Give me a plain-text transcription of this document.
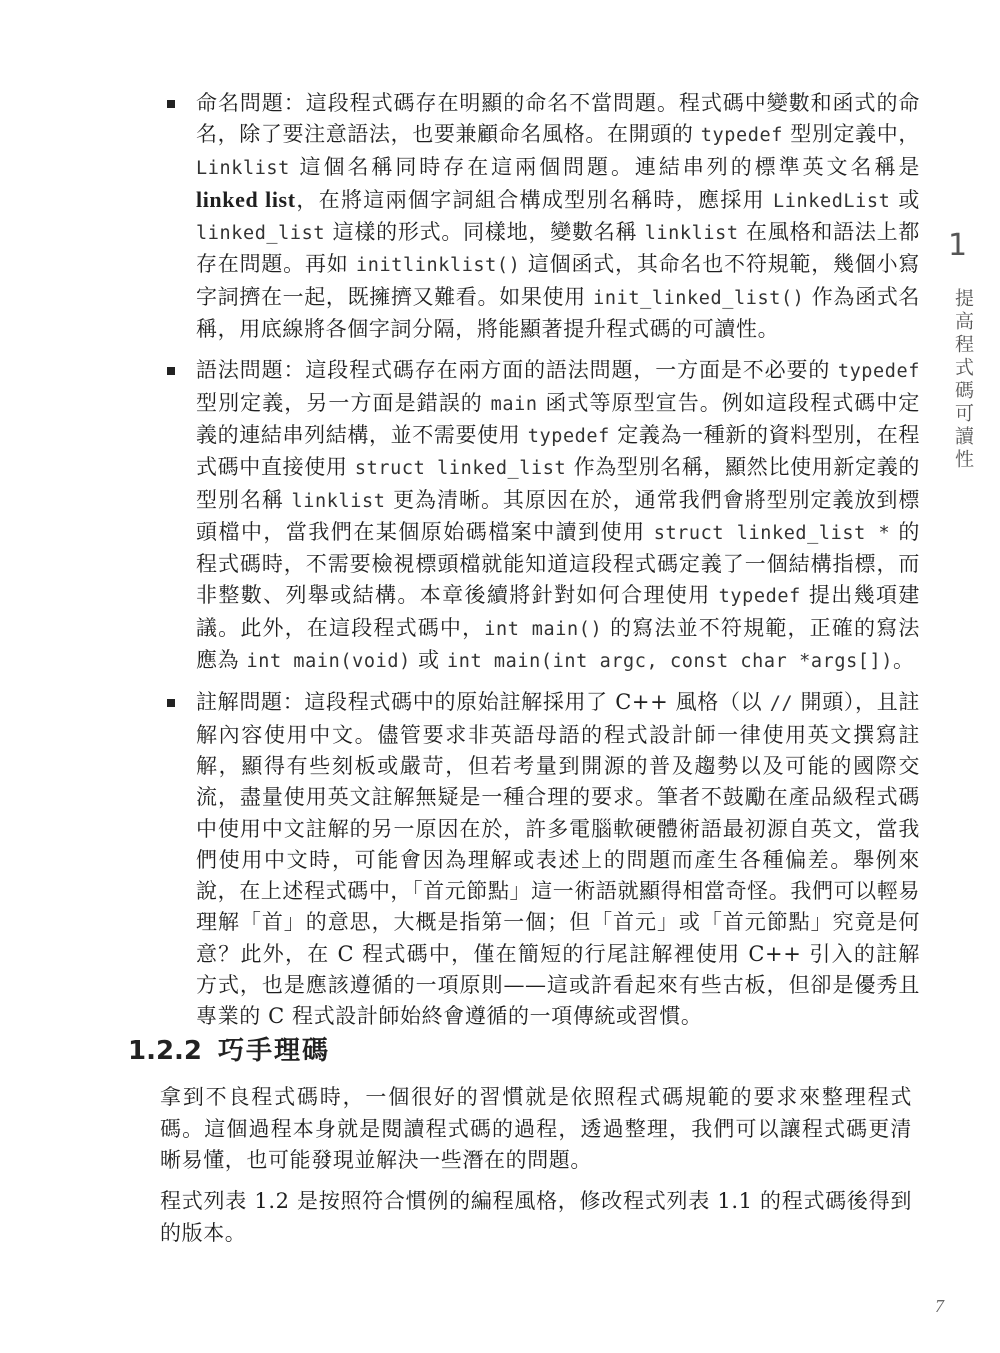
命名問題：這段程式碼存在明顯的命名不當問題。程式碼中變數和函式的命名，除了要注意語法，也要兼顧命名風格。在開頭的 typedef 型別定義中，Linklist 這個名稱同時存在這兩個問題。連結串列的標準英文名稱是 linked list，在將這兩個字詞組合構成型別名稱時，應採用 LinkedList 或 linked_list 這樣的形式。同樣地，變數名稱 linklist 在風格和語法上都存在問題。再如 initlinklist() 這個函式，其命名也不符規範，幾個小寫字詞擠在一起，既擁擠又難看。如果使用 init_linked_list() 作為函式名稱，用底線將各個字詞分隔，將能顯著提升程式碼的可讀性。
語法問題：這段程式碼存在兩方面的語法問題，一方面是不必要的 typedef 型別定義，另一方面是錯誤的 main 函式等原型宣告。例如這段程式碼中定義的連結串列結構，並不需要使用 typedef 定義為一種新的資料型別，在程式碼中直接使用 struct linked_list 作為型別名稱，顯然比使用新定義的型別名稱 linklist 更為清晰。其原因在於，通常我們會將型別定義放到標頭檔中，當我們在某個原始碼檔案中讀到使用 struct linked_list * 的程式碼時，不需要檢視標頭檔就能知道這段程式碼定義了一個結構指標，而非整數、列舉或結構。本章後續將針對如何合理使用 typedef 提出幾項建議。此外，在這段程式碼中，int main() 的寫法並不符規範，正確的寫法應為 int main(void) 或 int main(int argc, const char *args[])。
註解問題：這段程式碼中的原始註解採用了 C++ 風格（以 // 開頭），且註解內容使用中文。儘管要求非英語母語的程式設計師一律使用英文撰寫註解，顯得有些刻板或嚴苛，但若考量到開源的普及趨勢以及可能的國際交流，盡量使用英文註解無疑是一種合理的要求。筆者不鼓勵在產品級程式碼中使用中文註解的另一原因在於，許多電腦軟硬體術語最初源自英文，當我們使用中文時，可能會因為理解或表述上的問題而產生各種偏差。舉例來說，在上述程式碼中，「首元節點」這一術語就顯得相當奇怪。我們可以輕易理解「首」的意思，大概是指第一個；但「首元」或「首元節點」究竟是何意？此外，在 C 程式碼中，僅在簡短的行尾註解裡使用 C++ 引入的註解方式，也是應該遵循的一項原則——這或許看起來有些古板，但卻是優秀且專業的 C 程式設計師始終會遵循的一項傳統或習慣。
1.2.2 巧手理碼

拿到不良程式碼時，一個很好的習慣就是依照程式碼規範的要求來整理程式碼。這個過程本身就是閱讀程式碼的過程，透過整理，我們可以讓程式碼更清晰易懂，也可能發現並解決一些潛在的問題。

程式列表 1.2 是按照符合慣例的編程風格，修改程式列表 1.1 的程式碼後得到的版本。

1
提高程式碼可讀性
7
